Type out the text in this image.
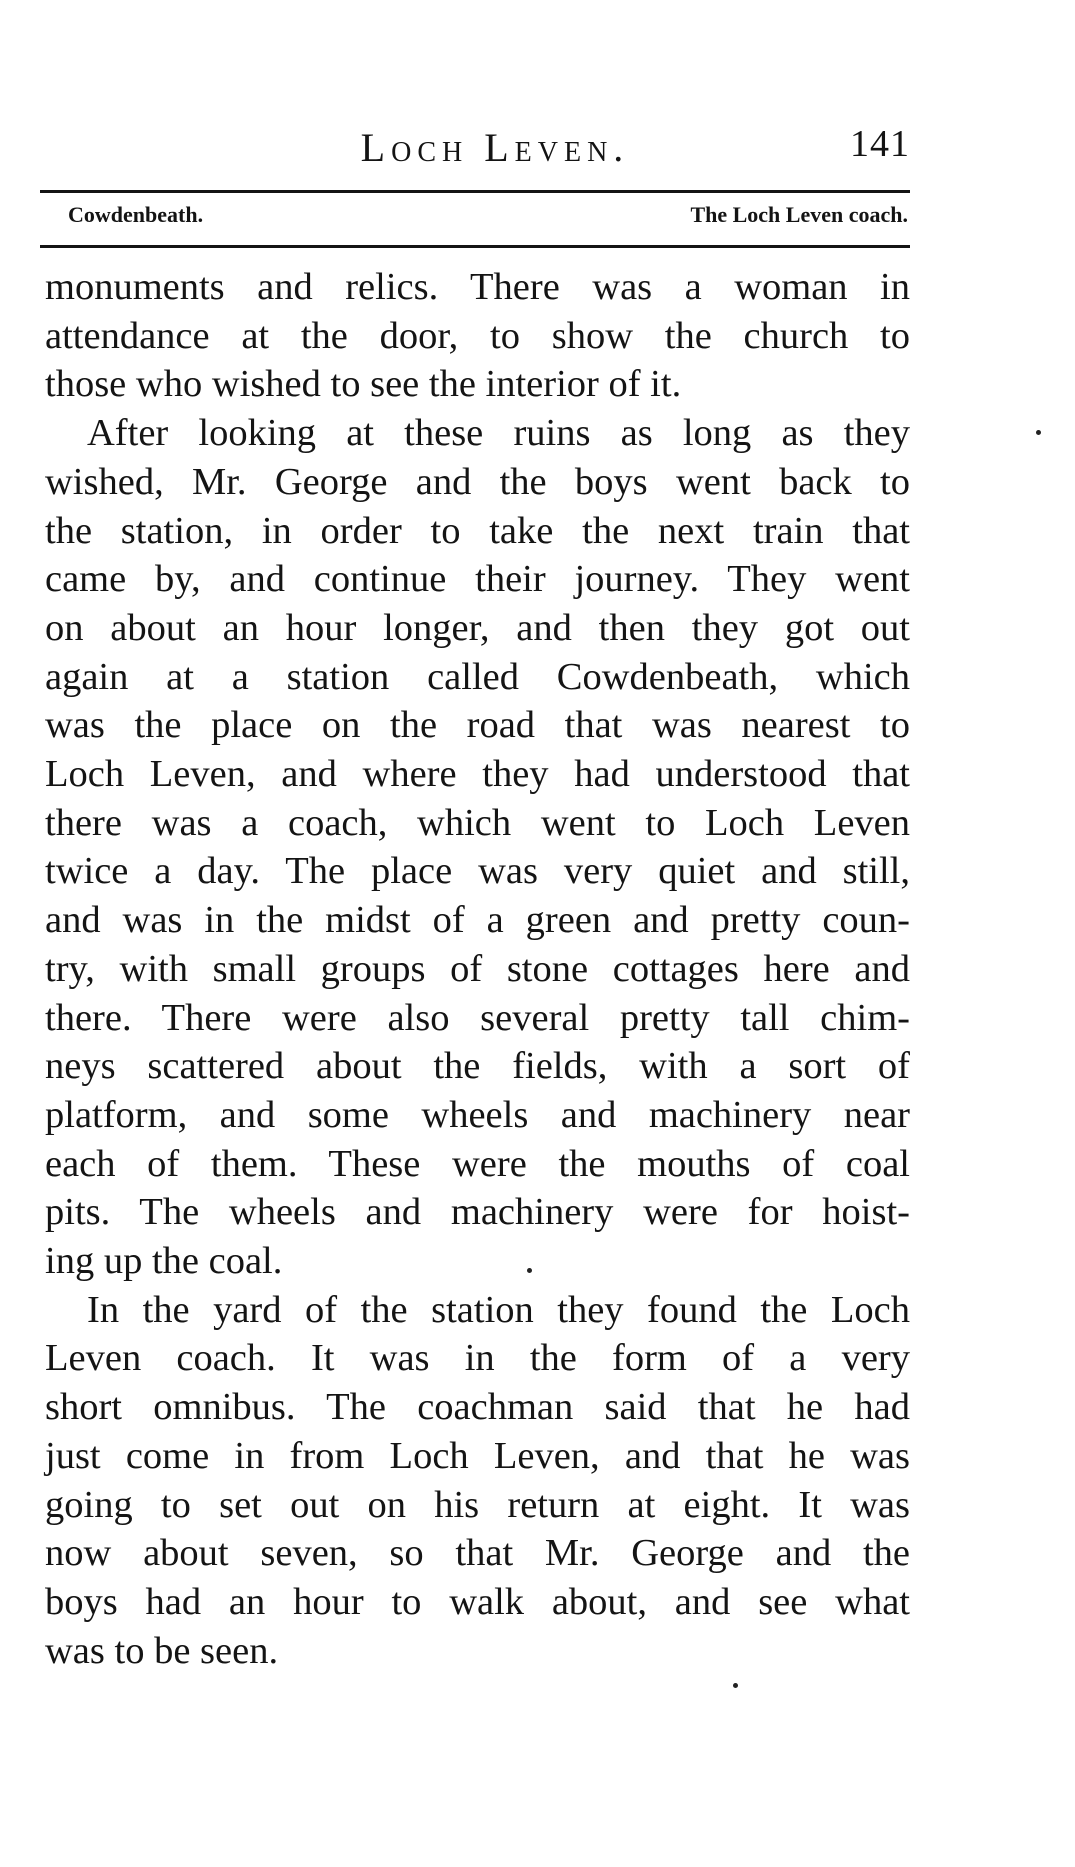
Loch Leven.	141
Cowdenbeath.	The Loch Leven coach.
monuments and relics. There was a woman in
attendance at the door, to show the church to
those who wished to see the interior of it.
After looking at these ruins as long as they
wished, Mr. George and the boys went back to
the station, in order to take the next train that
came by, and continue their journey. They went
on about an hour longer, and then they got out
again at a station called Cowdenbeath, which
was the place on the road that was nearest to
Loch Leven, and where they had understood that
there was a coach, which went to Loch Leven
twice a day. The place was very quiet and still,
and was in the midst of a green and pretty coun-
try, with small groups of stone cottages here and
there. There were also several pretty tall chim-
neys scattered about the fields, with a sort of
platform, and some wheels and machinery near
each of them. These were the mouths of coal
pits. The wheels and machinery were for hoist-
ing up the coal.
In the yard of the station they found the Loch
Leven coach. It was in the form of a very
short omnibus. The coachman said that he had
just come in from Loch Leven, and that he was
going to set out on his return at eight. It was
now about seven, so that Mr. George and the
boys had an hour to walk about, and see what
was to be seen.
